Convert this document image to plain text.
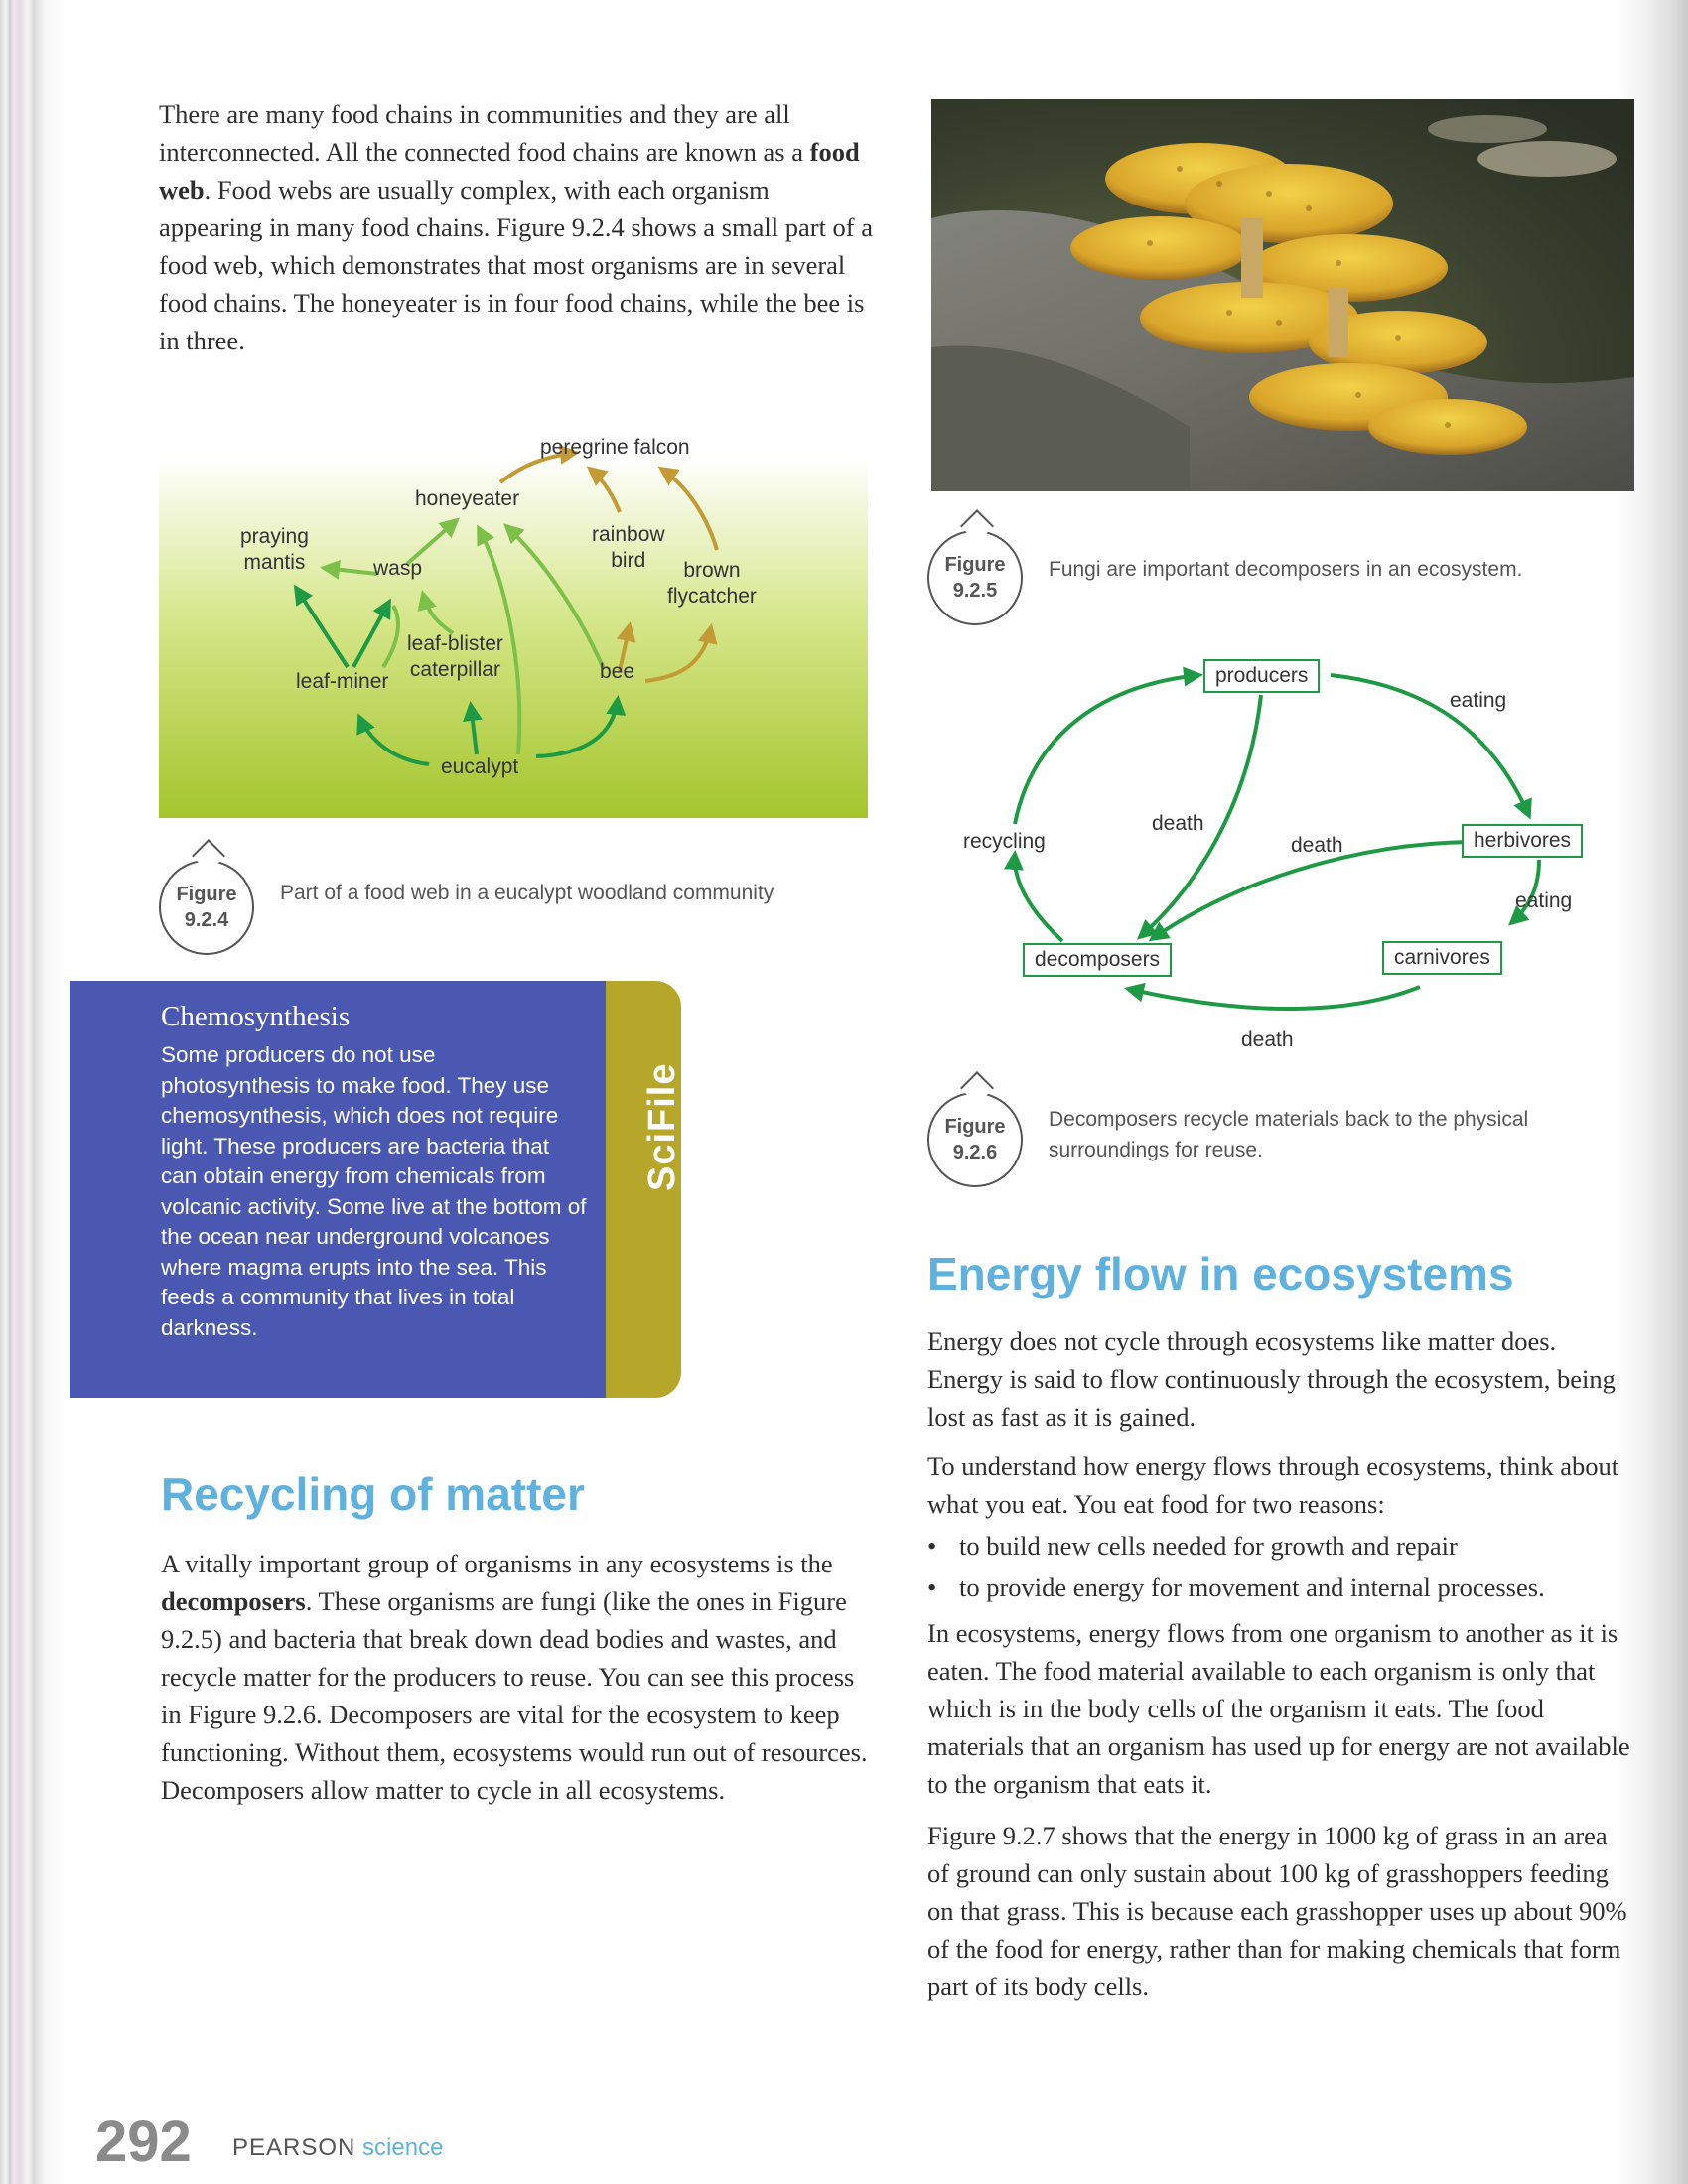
There are many food chains in communities and they are all interconnected. All the connected food chains are known as a food web. Food webs are usually complex, with each organism appearing in many food chains. Figure 9.2.4 shows a small part of a food web, which demonstrates that most organisms are in several food chains. The honeyeater is in four food chains, while the bee is in three.

peregrine falcon
honeyeater
praying
mantis	wasp
rainbow
bird	brown
flycatcher
leaf-blister
caterpillar
leaf-miner	bee
eucalypt
Figure
9.2.4
Part of a food web in a eucalypt woodland community
Chemosynthesis
Some producers do not use photosynthesis to make food. They use chemosynthesis, which does not require light. These producers are bacteria that can obtain energy from chemicals from volcanic activity. Some live at the bottom of the ocean near underground volcanoes where magma erupts into the sea. This feeds a community that lives in total darkness.
SciFile
Recycling of matter

A vitally important group of organisms in any ecosystems is the decomposers. These organisms are fungi (like the ones in Figure 9.2.5) and bacteria that break down dead bodies and wastes, and recycle matter for the producers to reuse. You can see this process in Figure 9.2.6. Decomposers are vital for the ecosystem to keep functioning. Without them, ecosystems would run out of resources. Decomposers allow matter to cycle in all ecosystems.

Figure
9.2.5
Fungi are important decomposers in an ecosystem.
producers
herbivores
carnivores
decomposers
eating
eating
death
death
death
recycling
Figure
9.2.6
Decomposers recycle materials back to the physical
surroundings for reuse.
Energy flow in ecosystems

Energy does not cycle through ecosystems like matter does. Energy is said to flow continuously through the ecosystem, being lost as fast as it is gained.

To understand how energy flows through ecosystems, think about what you eat. You eat food for two reasons:

• to build new cells needed for growth and repair
• to provide energy for movement and internal processes.

In ecosystems, energy flows from one organism to another as it is eaten. The food material available to each organism is only that which is in the body cells of the organism it eats. The food materials that an organism has used up for energy are not available to the organism that eats it.

Figure 9.2.7 shows that the energy in 1000 kg of grass in an area of ground can only sustain about 100 kg of grasshoppers feeding on that grass. This is because each grasshopper uses up about 90% of the food for energy, rather than for making chemicals that form part of its body cells.

292 PEARSON science
